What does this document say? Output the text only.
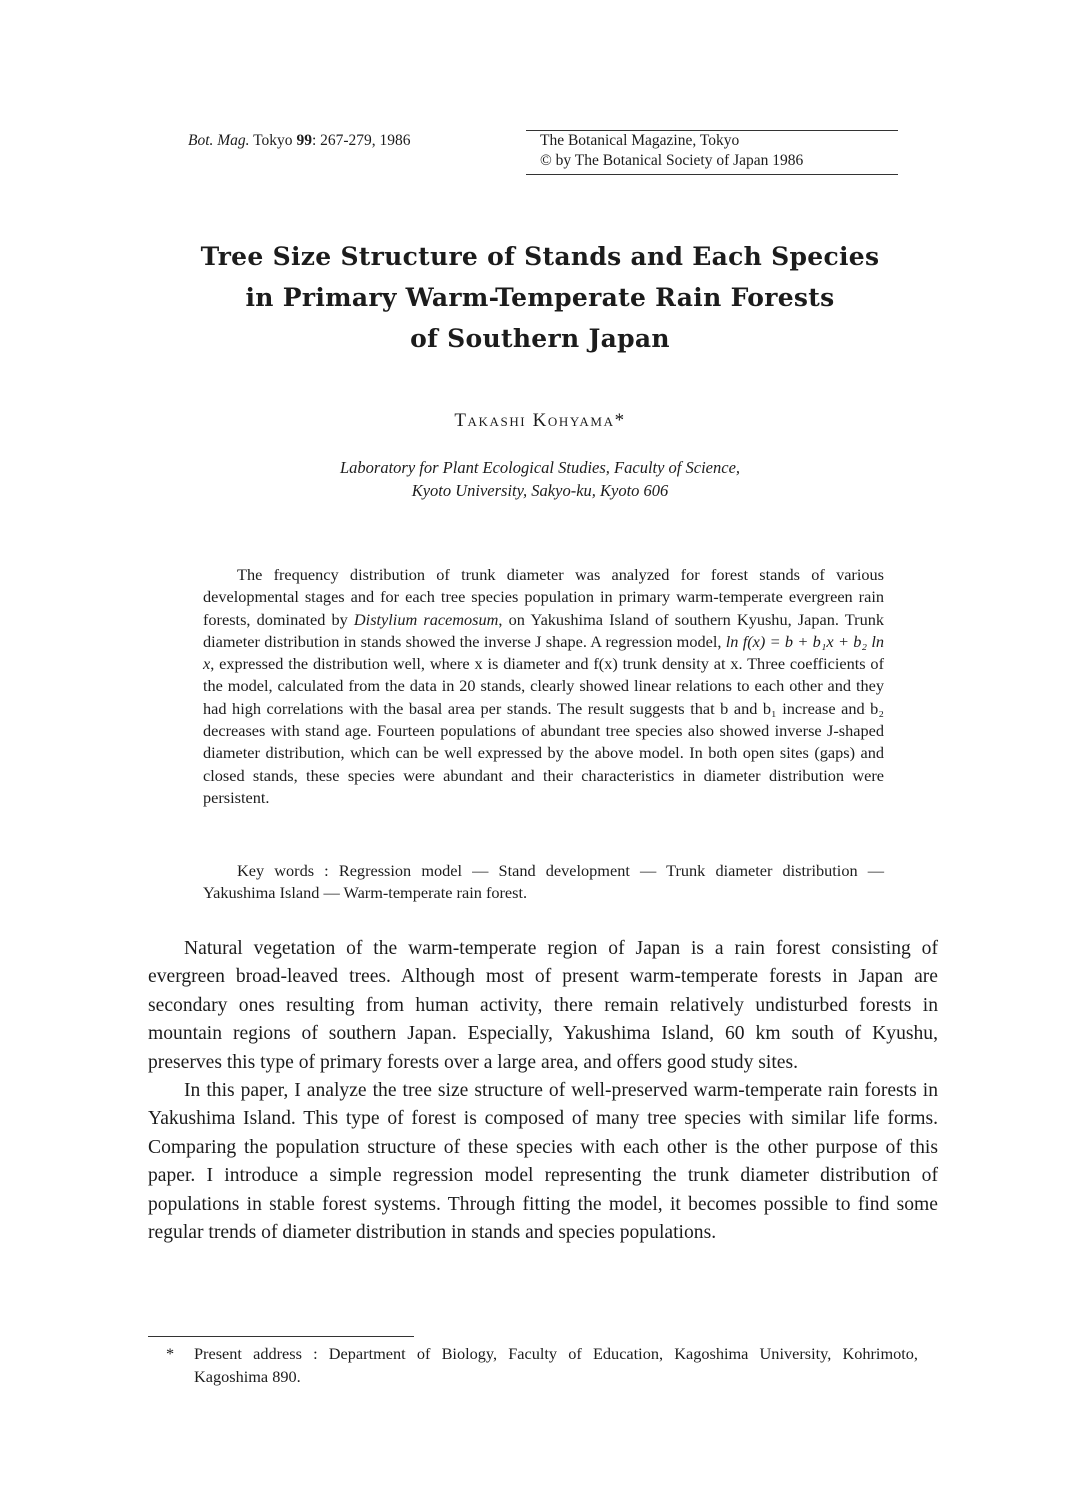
Bot. Mag. Tokyo 99: 267-279, 1986	The Botanical Magazine, Tokyo
© by The Botanical Society of Japan 1986
Tree Size Structure of Stands and Each Species
in Primary Warm-Temperate Rain Forests
of Southern Japan
Takashi Kohyama*
Laboratory for Plant Ecological Studies, Faculty of Science,
Kyoto University, Sakyo-ku, Kyoto 606

The frequency distribution of trunk diameter was analyzed for forest stands of various developmental stages and for each tree species population in primary warm-temperate evergreen rain forests, dominated by Distylium racemosum, on Yakushima Island of southern Kyushu, Japan. Trunk diameter distribution in stands showed the inverse J shape. A regression model, ln f(x) = b + b₁x + b₂ ln x, expressed the distribution well, where x is diameter and f(x) trunk density at x. Three coefficients of the model, calculated from the data in 20 stands, clearly showed linear relations to each other and they had high correlations with the basal area per stands. The result suggests that b and b₁ increase and b₂ decreases with stand age. Fourteen populations of abundant tree species also showed inverse J-shaped diameter distribution, which can be well expressed by the above model. In both open sites (gaps) and closed stands, these species were abundant and their characteristics in diameter distribution were persistent.

Key words : Regression model — Stand development — Trunk diameter distribution — Yakushima Island — Warm-temperate rain forest.

Natural vegetation of the warm-temperate region of Japan is a rain forest consisting of evergreen broad-leaved trees. Although most of present warm-temperate forests in Japan are secondary ones resulting from human activity, there remain relatively undisturbed forests in mountain regions of southern Japan. Especially, Yakushima Island, 60 km south of Kyushu, preserves this type of primary forests over a large area, and offers good study sites.

In this paper, I analyze the tree size structure of well-preserved warm-temperate rain forests in Yakushima Island. This type of forest is composed of many tree species with similar life forms. Comparing the population structure of these species with each other is the other purpose of this paper. I introduce a simple regression model representing the trunk diameter distribution of populations in stable forest systems. Through fitting the model, it becomes possible to find some regular trends of diameter distribution in stands and species populations.

* Present address : Department of Biology, Faculty of Education, Kagoshima University, Kohrimoto, Kagoshima 890.
